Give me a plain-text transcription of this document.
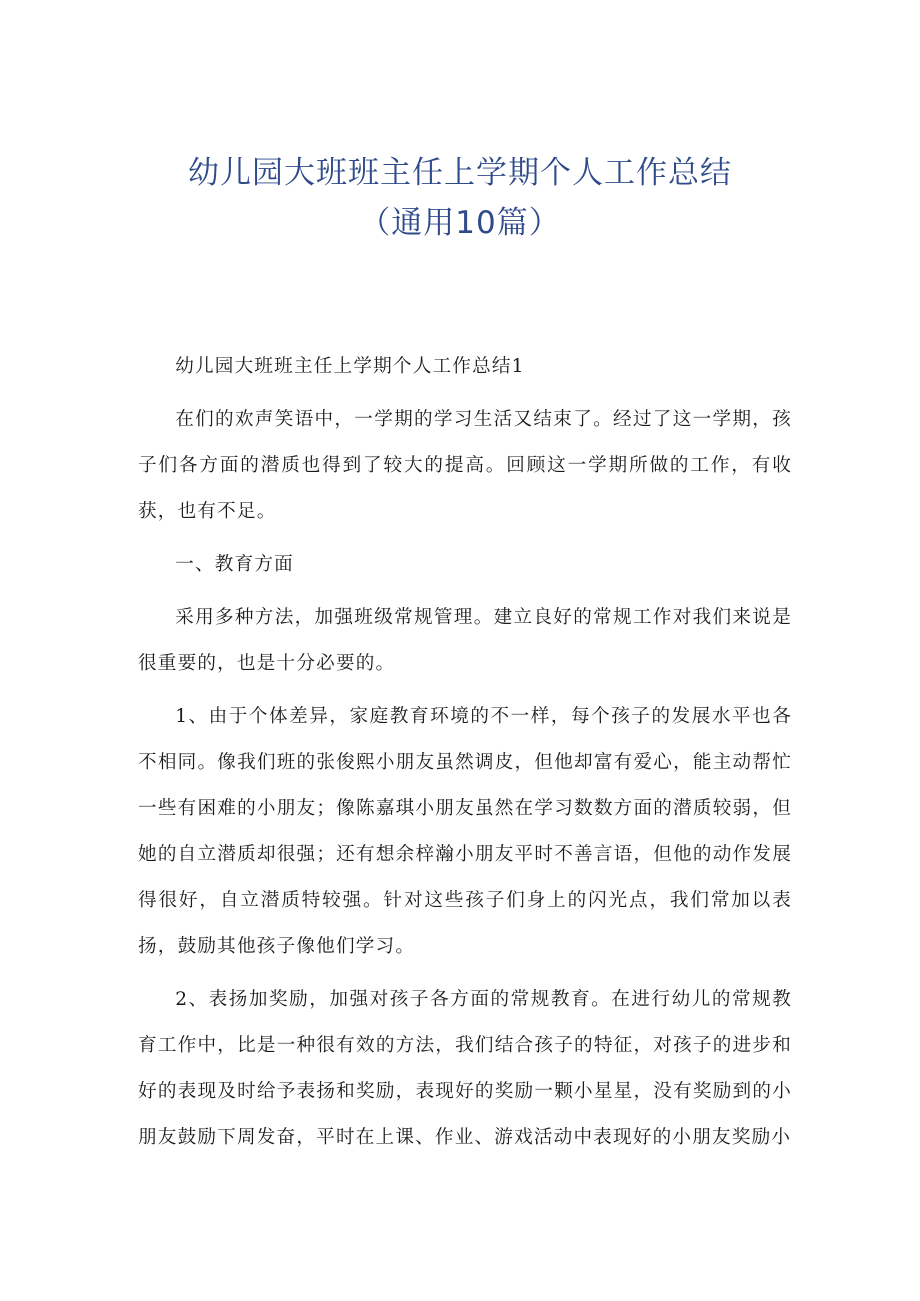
幼儿园大班班主任上学期个人工作总结
（通用10篇）

幼儿园大班班主任上学期个人工作总结1

在们的欢声笑语中，一学期的学习生活又结束了。经过了这一学期，孩子们各方面的潜质也得到了较大的提高。回顾这一学期所做的工作，有收获，也有不足。

一、教育方面

采用多种方法，加强班级常规管理。建立良好的常规工作对我们来说是很重要的，也是十分必要的。

1、由于个体差异，家庭教育环境的不一样，每个孩子的发展水平也各不相同。像我们班的张俊熙小朋友虽然调皮，但他却富有爱心，能主动帮忙一些有困难的小朋友；像陈嘉琪小朋友虽然在学习数数方面的潜质较弱，但她的自立潜质却很强；还有想余梓瀚小朋友平时不善言语，但他的动作发展得很好，自立潜质特较强。针对这些孩子们身上的闪光点，我们常加以表扬，鼓励其他孩子像他们学习。

2、表扬加奖励，加强对孩子各方面的常规教育。在进行幼儿的常规教育工作中，比是一种很有效的方法，我们结合孩子的特征，对孩子的进步和好的表现及时给予表扬和奖励，表现好的奖励一颗小星星，没有奖励到的小朋友鼓励下周发奋，平时在上课、作业、游戏活动中表现好的小朋友奖励小
